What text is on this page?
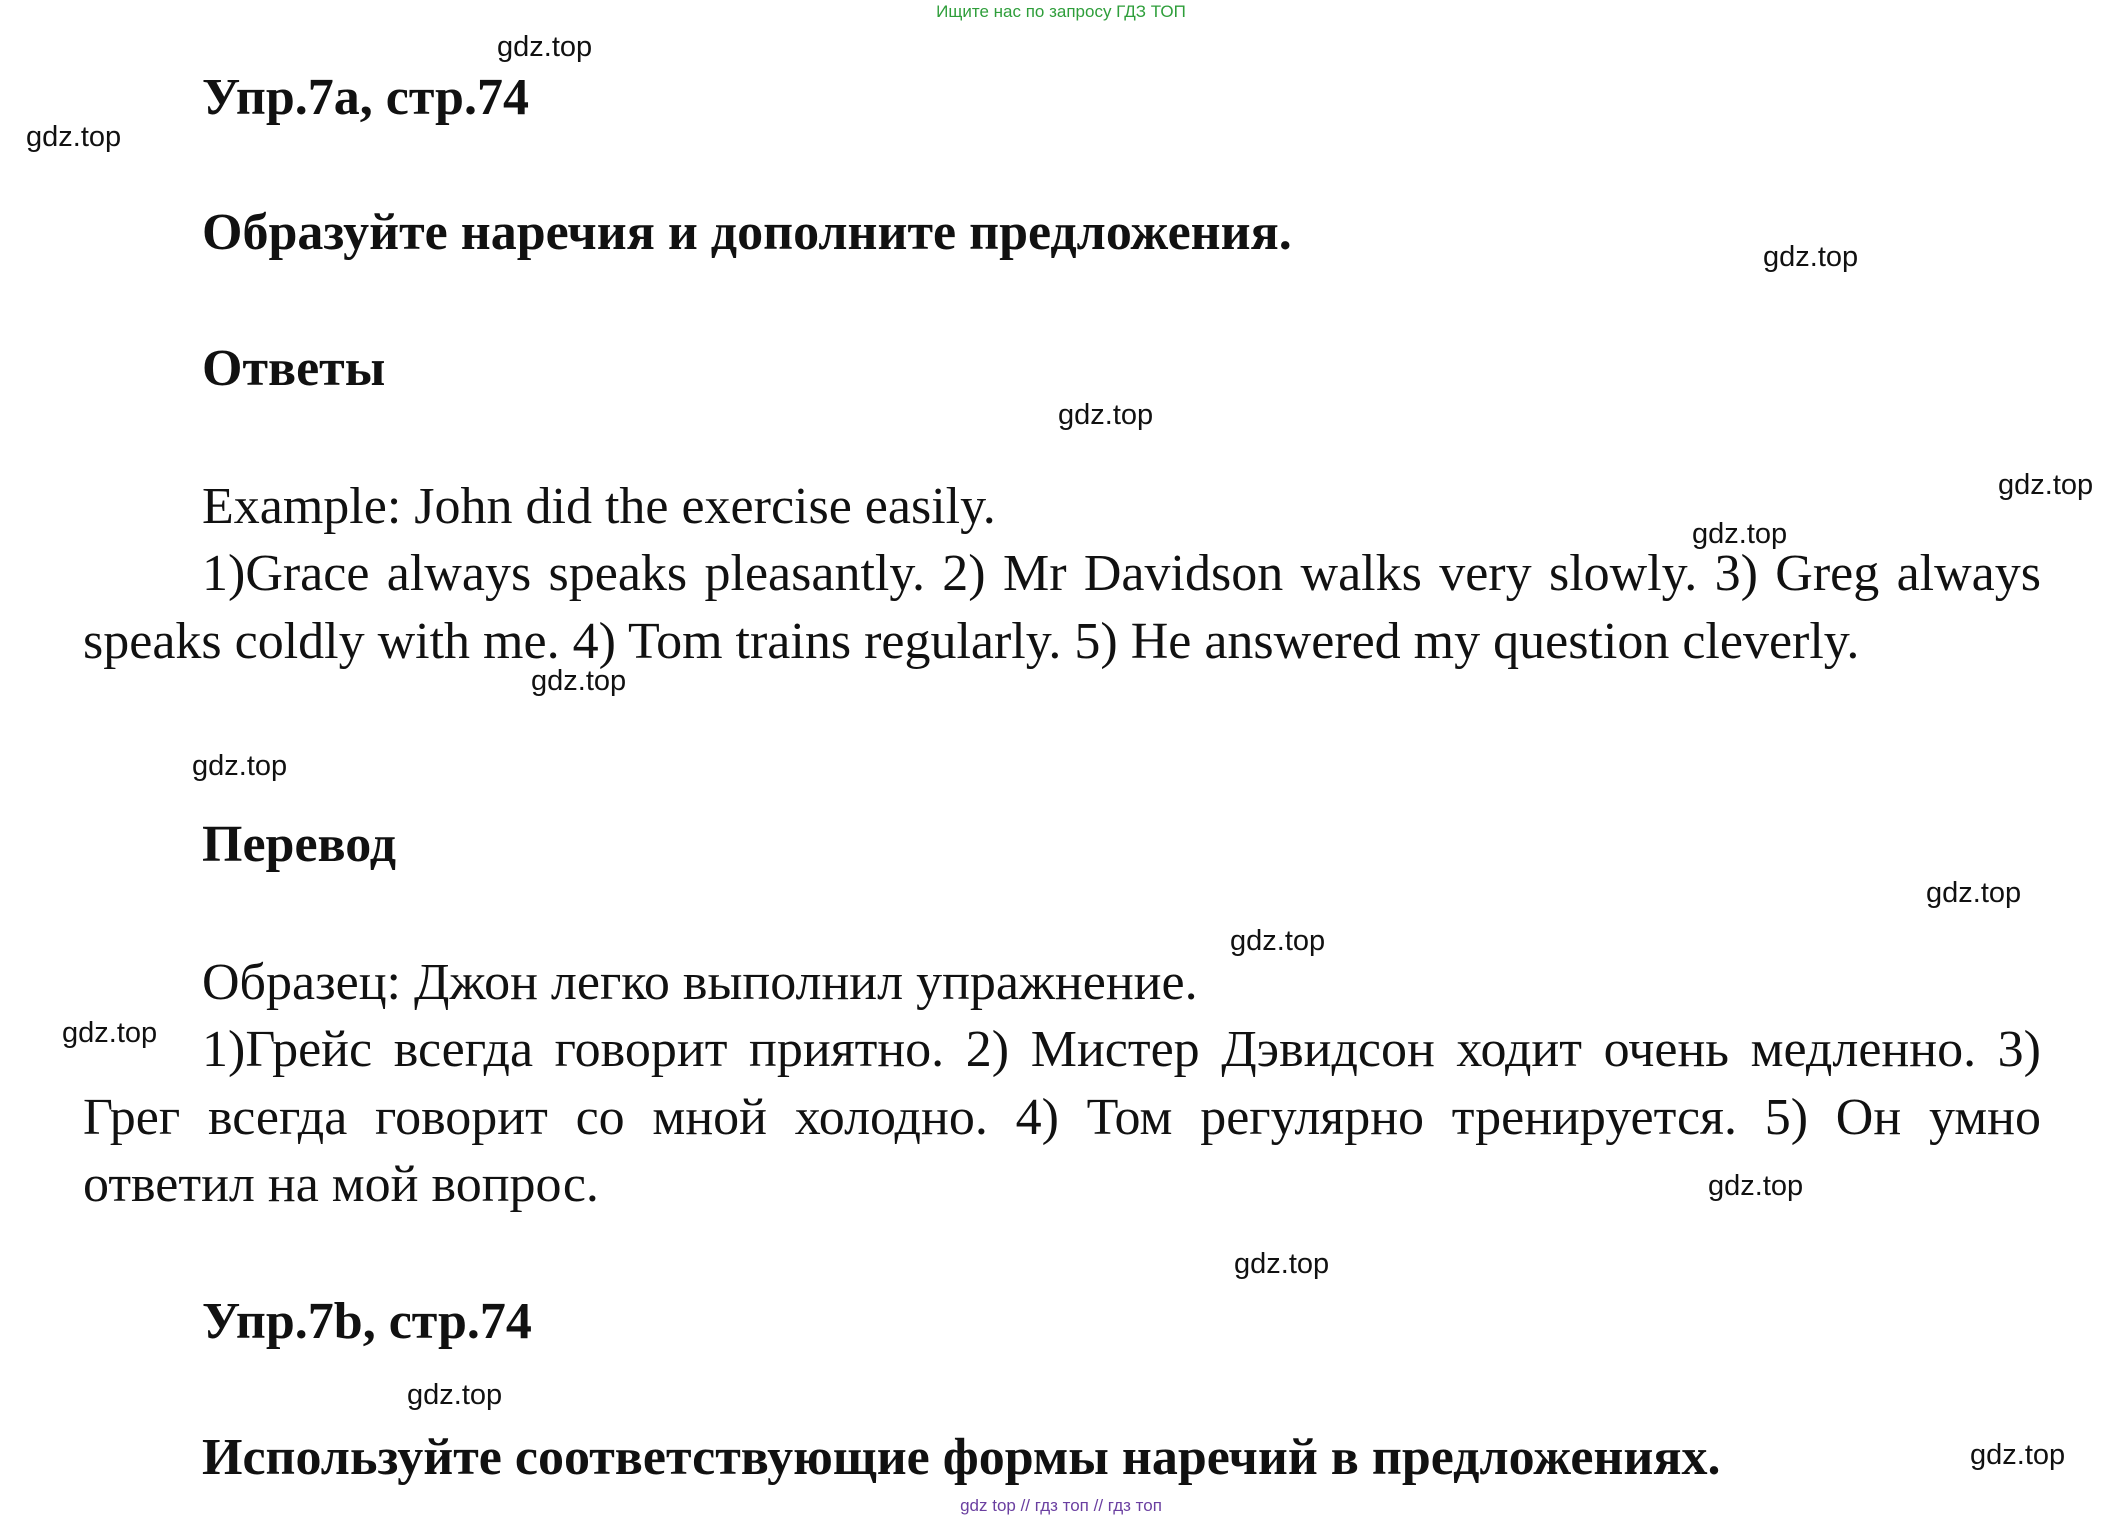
Ищите нас по запросу ГДЗ ТОП
Упр.7а, стр.74
Образуйте наречия и дополните предложения.
Ответы
Example: John did the exercise easily.

1)Grace always speaks pleasantly. 2) Mr Davidson walks very slowly. 3) Greg always speaks coldly with me. 4) Tom trains regularly. 5) He answered my question cleverly.

Перевод
Образец: Джон легко выполнил упражнение.

1)Грейс всегда говорит приятно. 2) Мистер Дэвидсон ходит очень медленно. 3) Грег всегда говорит со мной холодно. 4) Том регулярно тренируется. 5) Он умно ответил на мой вопрос.

Упр.7b, стр.74
Используйте соответствующие формы наречий в предложениях.
gdz.top
gdz.top
gdz.top
gdz.top
gdz.top
gdz.top
gdz.top
gdz.top
gdz.top
gdz.top
gdz.top
gdz.top
gdz.top
gdz.top
gdz.top
gdz top // гдз топ // гдз топ
